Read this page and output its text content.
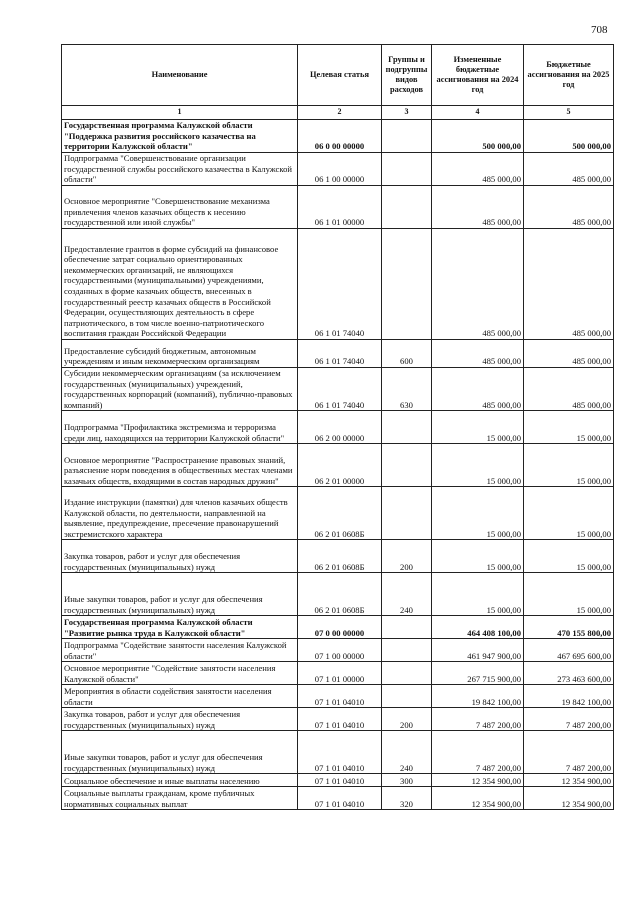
708
Наименование	Целевая статья	Группы и подгруппы видов расходов	Измененные бюджетные ассигнования на 2024 год	Бюджетные ассигнования на 2025 год
1	2	3	4	5
Государственная программа Калужской области "Поддержка развития российского казачества на территории Калужской области"	06 0 00 00000		500 000,00	500 000,00
Подпрограмма "Совершенствование организации государственной службы российского казачества в Калужской области"	06 1 00 00000		485 000,00	485 000,00
Основное мероприятие "Совершенствование механизма привлечения членов казачьих обществ к несению государственной или иной службы"	06 1 01 00000		485 000,00	485 000,00
Предоставление грантов в форме субсидий на финансовое обеспечение затрат социально ориентированных некоммерческих организаций, не являющихся государственными (муниципальными) учреждениями, созданных в форме казачьих обществ, внесенных в государственный реестр казачьих обществ в Российской Федерации, осуществляющих деятельность в сфере патриотического, в том числе военно-патриотического воспитания граждан Российской Федерации	06 1 01 74040		485 000,00	485 000,00
Предоставление субсидий бюджетным, автономным учреждениям и иным некоммерческим организациям	06 1 01 74040	600	485 000,00	485 000,00
Субсидии некоммерческим организациям (за исключением государственных (муниципальных) учреждений, государственных корпораций (компаний), публично-правовых компаний)	06 1 01 74040	630	485 000,00	485 000,00
Подпрограмма "Профилактика экстремизма и терроризма среди лиц, находящихся на территории Калужской области"	06 2 00 00000		15 000,00	15 000,00
Основное мероприятие "Распространение правовых знаний, разъяснение норм поведения в общественных местах членами казачьих обществ, входящими в состав народных дружин"	06 2 01 00000		15 000,00	15 000,00
Издание инструкции (памятки) для членов казачьих обществ Калужской области, по деятельности, направленной на выявление, предупреждение, пресечение правонарушений экстремистского характера	06 2 01 0608Б		15 000,00	15 000,00
Закупка товаров, работ и услуг для обеспечения государственных (муниципальных) нужд	06 2 01 0608Б	200	15 000,00	15 000,00
Иные закупки товаров, работ и услуг для обеспечения государственных (муниципальных) нужд	06 2 01 0608Б	240	15 000,00	15 000,00
Государственная программа Калужской области "Развитие рынка труда в Калужской области"	07 0 00 00000		464 408 100,00	470 155 800,00
Подпрограмма "Содействие занятости населения Калужской области"	07 1 00 00000		461 947 900,00	467 695 600,00
Основное мероприятие "Содействие занятости населения Калужской области"	07 1 01 00000		267 715 900,00	273 463 600,00
Мероприятия в области содействия занятости населения области	07 1 01 04010		19 842 100,00	19 842 100,00
Закупка товаров, работ и услуг для обеспечения государственных (муниципальных) нужд	07 1 01 04010	200	7 487 200,00	7 487 200,00
Иные закупки товаров, работ и услуг для обеспечения государственных (муниципальных) нужд	07 1 01 04010	240	7 487 200,00	7 487 200,00
Социальное обеспечение и иные выплаты населению	07 1 01 04010	300	12 354 900,00	12 354 900,00
Социальные выплаты гражданам, кроме публичных нормативных социальных выплат	07 1 01 04010	320	12 354 900,00	12 354 900,00
